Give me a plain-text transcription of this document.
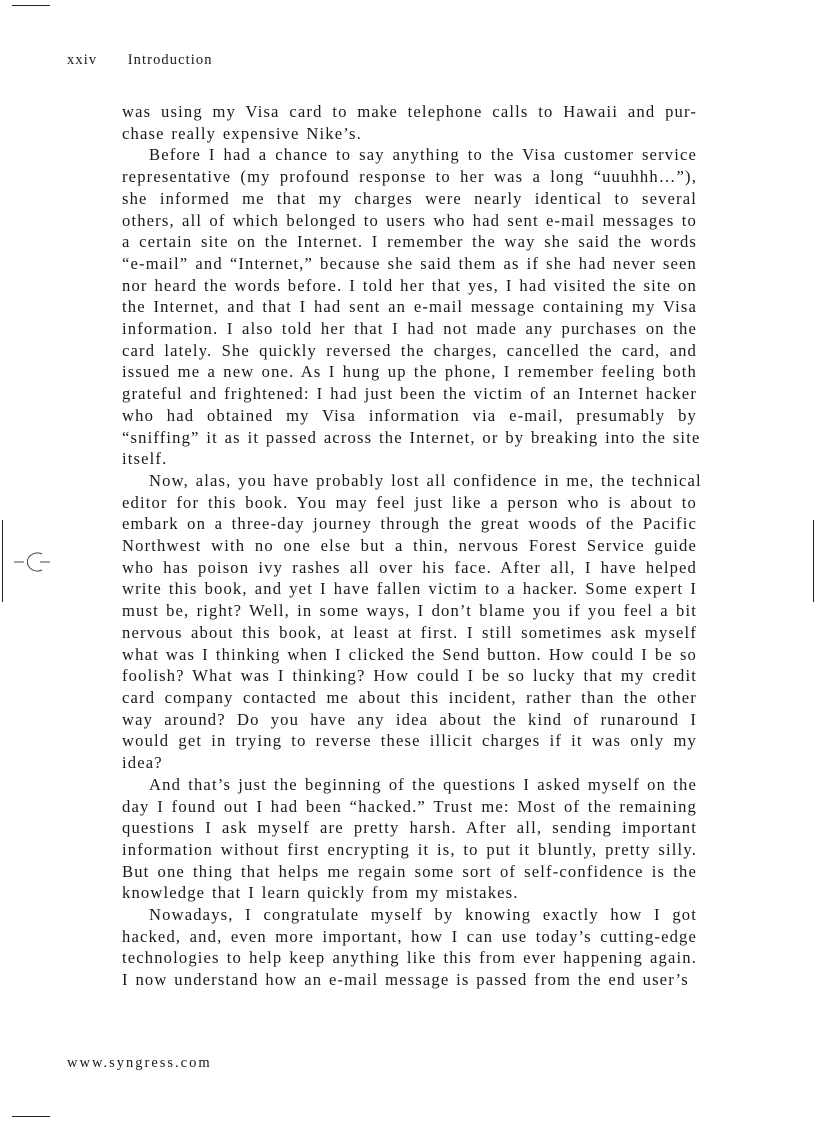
xxiv Introduction
was using my Visa card to make telephone calls to Hawaii and pur-
chase really expensive Nike’s.
Before I had a chance to say anything to the Visa customer service
representative (my profound response to her was a long “uuuhhh…”),
she informed me that my charges were nearly identical to several
others, all of which belonged to users who had sent e-mail messages to
a certain site on the Internet. I remember the way she said the words
“e-mail” and “Internet,” because she said them as if she had never seen
nor heard the words before. I told her that yes, I had visited the site on
the Internet, and that I had sent an e-mail message containing my Visa
information. I also told her that I had not made any purchases on the
card lately. She quickly reversed the charges, cancelled the card, and
issued me a new one. As I hung up the phone, I remember feeling both
grateful and frightened: I had just been the victim of an Internet hacker
who had obtained my Visa information via e-mail, presumably by
“sniffing” it as it passed across the Internet, or by breaking into the site
itself.
Now, alas, you have probably lost all confidence in me, the technical
editor for this book. You may feel just like a person who is about to
embark on a three-day journey through the great woods of the Pacific
Northwest with no one else but a thin, nervous Forest Service guide
who has poison ivy rashes all over his face. After all, I have helped
write this book, and yet I have fallen victim to a hacker. Some expert I
must be, right? Well, in some ways, I don’t blame you if you feel a bit
nervous about this book, at least at first. I still sometimes ask myself
what was I thinking when I clicked the Send button. How could I be so
foolish? What was I thinking? How could I be so lucky that my credit
card company contacted me about this incident, rather than the other
way around? Do you have any idea about the kind of runaround I
would get in trying to reverse these illicit charges if it was only my
idea?
And that’s just the beginning of the questions I asked myself on the
day I found out I had been “hacked.” Trust me: Most of the remaining
questions I ask myself are pretty harsh. After all, sending important
information without first encrypting it is, to put it bluntly, pretty silly.
But one thing that helps me regain some sort of self-confidence is the
knowledge that I learn quickly from my mistakes.
Nowadays, I congratulate myself by knowing exactly how I got
hacked, and, even more important, how I can use today’s cutting-edge
technologies to help keep anything like this from ever happening again.
I now understand how an e-mail message is passed from the end user’s
www.syngress.com
